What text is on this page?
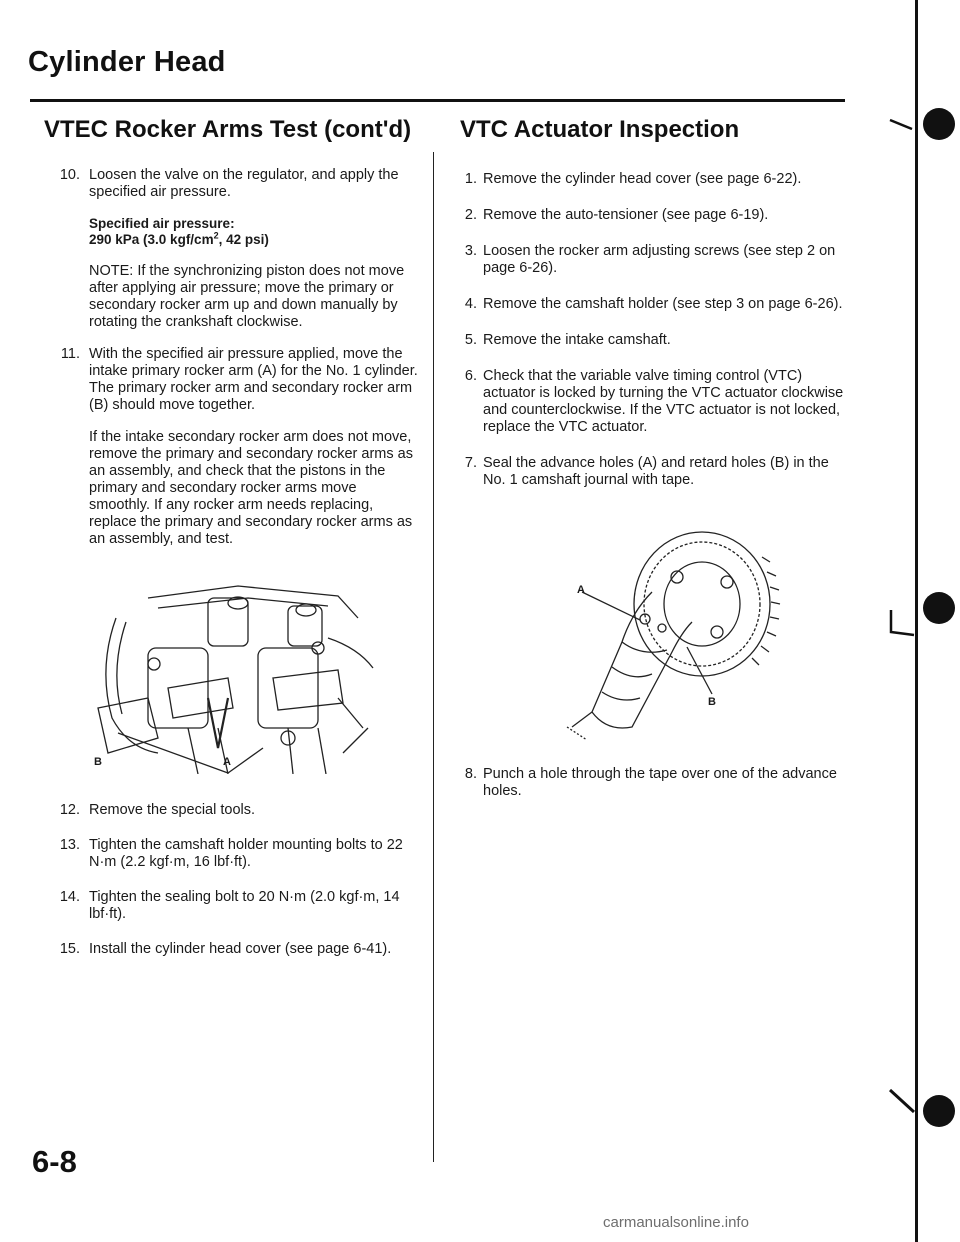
Cylinder Head
VTEC Rocker Arms Test (cont'd)
10. Loosen the valve on the regulator, and apply the specified air pressure.
Specified air pressure:
290 kPa (3.0 kgf/$cm^2$, 42 psi)
NOTE: If the synchronizing piston does not move after applying air pressure; move the primary or secondary rocker arm up and down manually by rotating the crankshaft clockwise.
11. With the specified air pressure applied, move the intake primary rocker arm (A) for the No. 1 cylinder. The primary rocker arm and secondary rocker arm (B) should move together.
If the intake secondary rocker arm does not move, remove the primary and secondary rocker arms as an assembly, and check that the pistons in the primary and secondary rocker arms move smoothly. If any rocker arm needs replacing, replace the primary and secondary rocker arms as an assembly, and test.
B	A
12. Remove the special tools.
13. Tighten the camshaft holder mounting bolts to 22 N·m (2.2 kgf·m, 16 lbf·ft).
14. Tighten the sealing bolt to 20 N·m (2.0 kgf·m, 14 lbf·ft).
15. Install the cylinder head cover (see page 6-41).
VTC Actuator Inspection
1. Remove the cylinder head cover (see page 6-22).
2. Remove the auto-tensioner (see page 6-19).
3. Loosen the rocker arm adjusting screws (see step 2 on page 6-26).
4. Remove the camshaft holder (see step 3 on page 6-26).
5. Remove the intake camshaft.
6. Check that the variable valve timing control (VTC) actuator is locked by turning the VTC actuator clockwise and counterclockwise. If the VTC actuator is not locked, replace the VTC actuator.
7. Seal the advance holes (A) and retard holes (B) in the No. 1 camshaft journal with tape.
A
B
8. Punch a hole through the tape over one of the advance holes.
6-8
carmanualsonline.info
